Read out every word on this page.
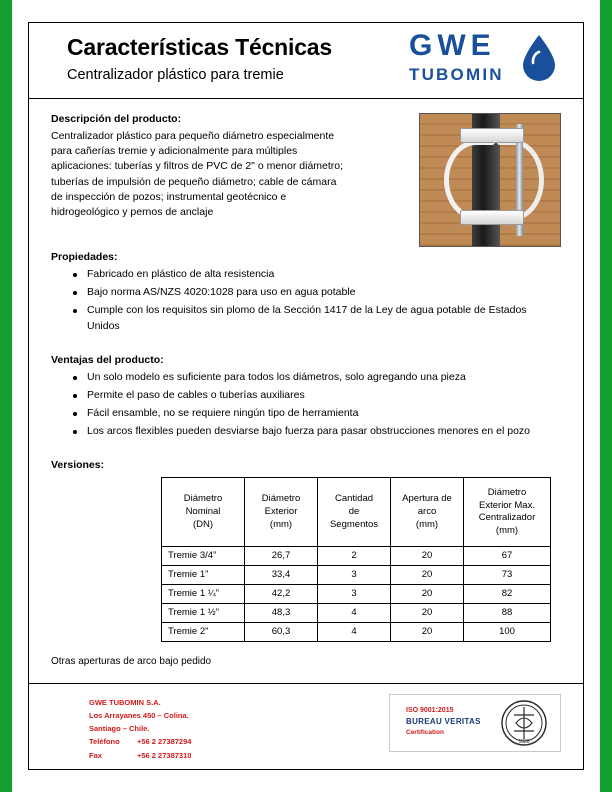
Características Técnicas
Centralizador plástico para tremie
GWE
TUBOMIN
Descripción del producto:
Centralizador plástico para pequeño diámetro especialmente para cañerías tremie y adicionalmente para múltiples aplicaciones: tuberías y filtros de PVC de 2" o menor diámetro; tuberías de impulsión de pequeño diámetro; cable de cámara de inspección de pozos; instrumental geotécnico e hidrogeológico y pernos de anclaje
Propiedades:
Fabricado en plástico de alta resistencia
Bajo norma AS/NZS 4020:1028 para uso en agua potable
Cumple con los requisitos sin plomo de la Sección 1417 de la Ley de agua potable de Estados Unidos
Ventajas del producto:
Un solo modelo es suficiente para todos los diámetros, solo agregando una pieza
Permite el paso de cables o tuberías auxiliares
Fácil ensamble, no se requiere ningún tipo de herramienta
Los arcos flexibles pueden desviarse bajo fuerza para pasar obstrucciones menores en el pozo
Versiones:
Diámetro
Nominal
(DN)	Diámetro
Exterior
(mm)	Cantidad
de
Segmentos	Apertura de
arco
(mm)	Diámetro
Exterior Max.
Centralizador
(mm)
Tremie 3/4”	26,7	2	20	67
Tremie 1”	33,4	3	20	73
Tremie 1 ¼”	42,2	3	20	82
Tremie 1 ½”	48,3	4	20	88
Tremie 2”	60,3	4	20	100
Otras aperturas de arco bajo pedido
GWE TUBOMIN S.A.
Los Arrayanes 450 – Colina.
Santiago – Chile.
Teléfono +56 2 27387294
Fax	+56 2 27387310
ISO 9001:2015
BUREAU VERITAS
Certification
1828
